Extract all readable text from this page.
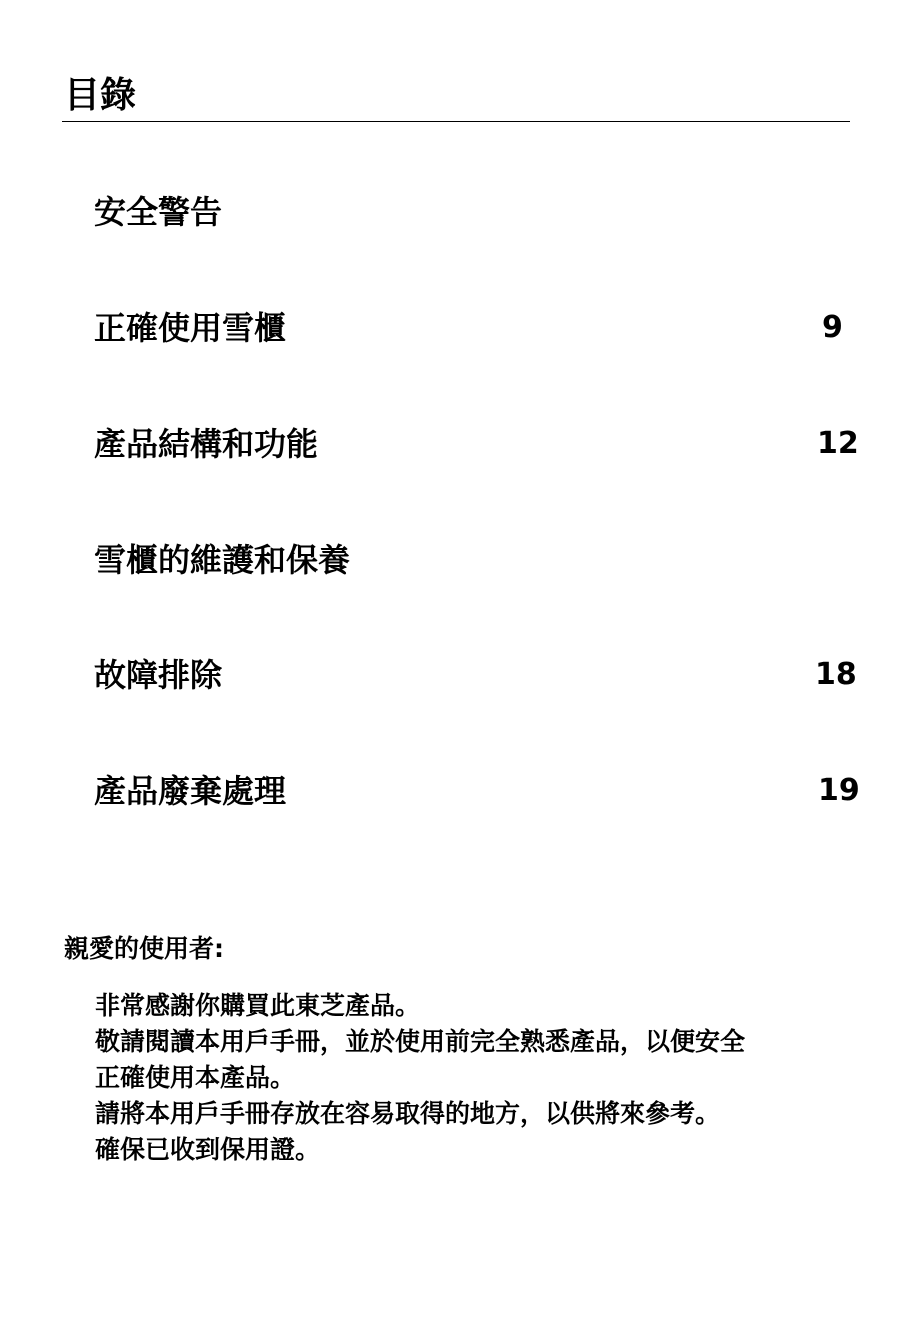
目錄
安全警告
正確使用雪櫃	9
產品結構和功能	12
雪櫃的維護和保養
故障排除	18
產品廢棄處理	19
親愛的使用者:
非常感謝你購買此東芝產品。
敬請閱讀本用戶手冊，並於使用前完全熟悉產品，以便安全
正確使用本產品。
請將本用戶手冊存放在容易取得的地方，以供將來參考。
確保已收到保用證。
